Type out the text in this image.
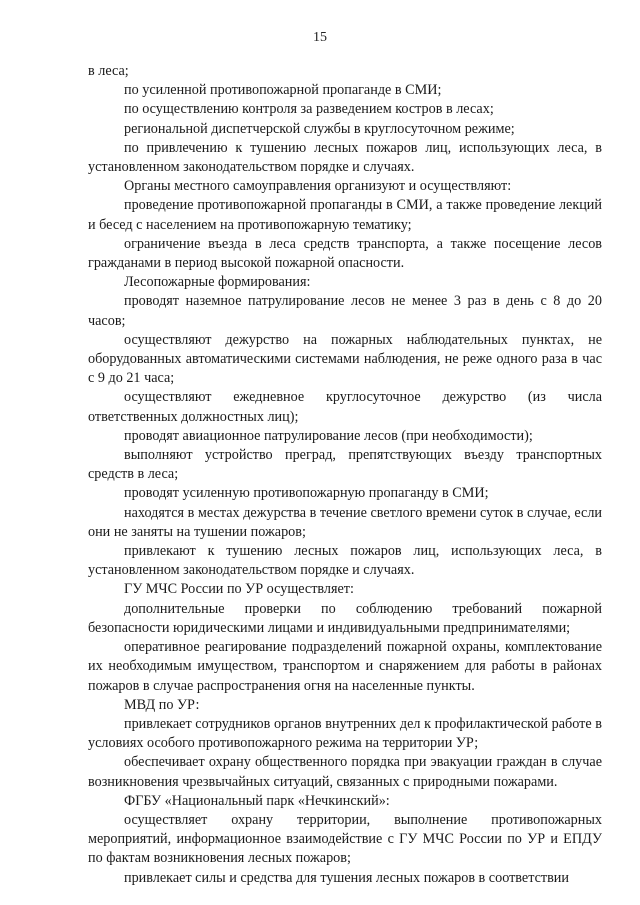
15

в леса;

по усиленной противопожарной пропаганде в СМИ;

по осуществлению контроля за разведением костров в лесах;

региональной диспетчерской службы в круглосуточном режиме;

по привлечению к тушению лесных пожаров лиц, использующих леса, в установленном законодательством порядке и случаях.

Органы местного самоуправления организуют и осуществляют:

проведение противопожарной пропаганды в СМИ, а также проведение лекций и бесед с населением на противопожарную тематику;

ограничение въезда в леса средств транспорта, а также посещение лесов гражданами в период высокой пожарной опасности.

Лесопожарные формирования:

проводят наземное патрулирование лесов не менее 3 раз в день с 8 до 20 часов;

осуществляют дежурство на пожарных наблюдательных пунктах, не оборудованных автоматическими системами наблюдения, не реже одного раза в час с 9 до 21 часа;

осуществляют ежедневное круглосуточное дежурство (из числа ответственных должностных лиц);

проводят авиационное патрулирование лесов (при необходимости);

выполняют устройство преград, препятствующих въезду транспортных средств в леса;

проводят усиленную противопожарную пропаганду в СМИ;

находятся в местах дежурства в течение светлого времени суток в случае, если они не заняты на тушении пожаров;

привлекают к тушению лесных пожаров лиц, использующих леса, в установленном законодательством порядке и случаях.

ГУ МЧС России по УР осуществляет:

дополнительные проверки по соблюдению требований пожарной безопасности юридическими лицами и индивидуальными предпринимателями;

оперативное реагирование подразделений пожарной охраны, комплектование их необходимым имуществом, транспортом и снаряжением для работы в районах пожаров в случае распространения огня на населенные пункты.

МВД по УР:

привлекает сотрудников органов внутренних дел к профилактической работе в условиях особого противопожарного режима на территории УР;

обеспечивает охрану общественного порядка при эвакуации граждан в случае возникновения чрезвычайных ситуаций, связанных с природными пожарами.

ФГБУ «Национальный парк «Нечкинский»:

осуществляет охрану территории, выполнение противопожарных мероприятий, информационное взаимодействие с ГУ МЧС России по УР и ЕПДУ по фактам возникновения лесных пожаров;

привлекает силы и средства для тушения лесных пожаров в соответствии
